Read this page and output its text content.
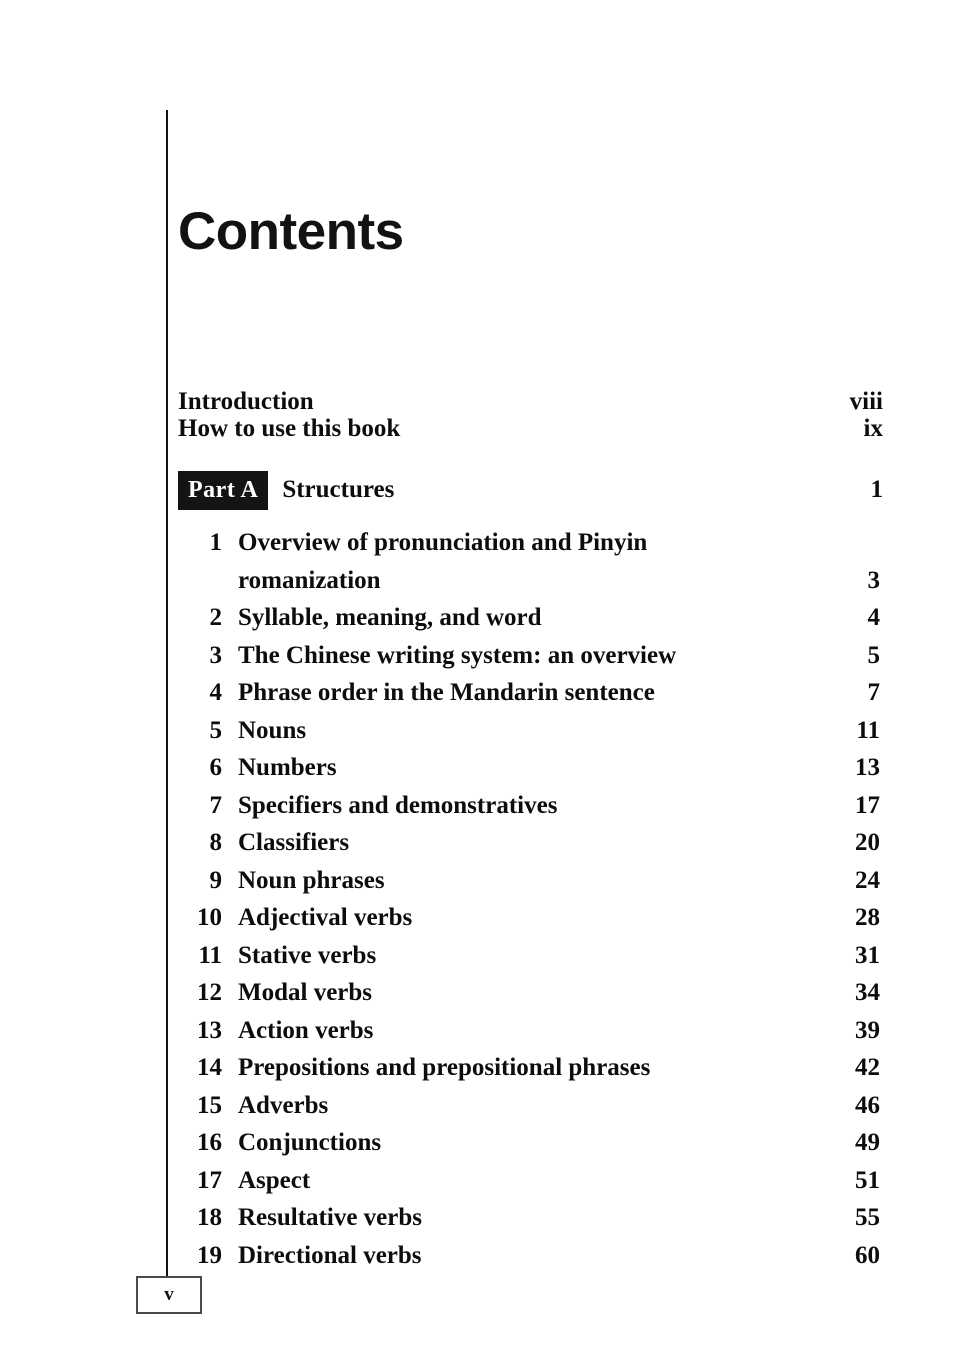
Contents
Introduction	viii
How to use this book	ix
Part A Structures	1
1 Overview of pronunciation and Pinyin
romanization	3
2 Syllable, meaning, and word	4
3 The Chinese writing system: an overview	5
4 Phrase order in the Mandarin sentence	7
5 Nouns	11
6 Numbers	13
7 Specifiers and demonstratives	17
8 Classifiers	20
9 Noun phrases	24
10 Adjectival verbs	28
11 Stative verbs	31
12 Modal verbs	34
13 Action verbs	39
14 Prepositions and prepositional phrases	42
15 Adverbs	46
16 Conjunctions	49
17 Aspect	51
18 Resultative verbs	55
19 Directional verbs	60
v
